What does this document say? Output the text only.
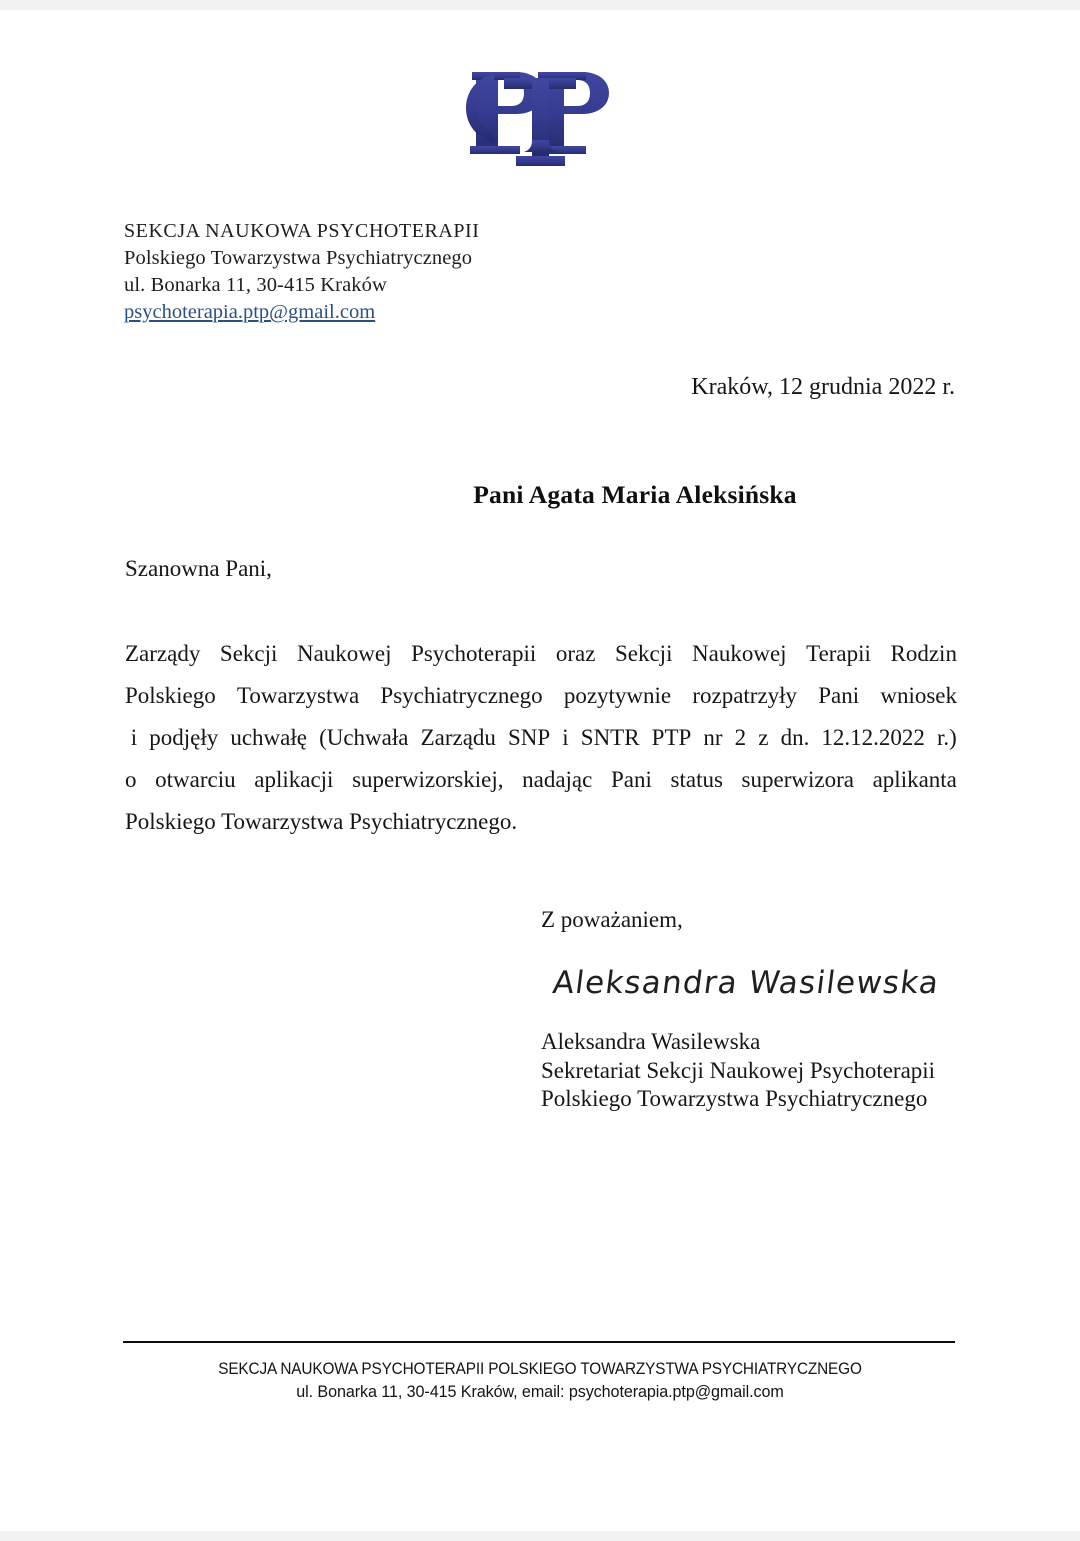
SEKCJA NAUKOWA PSYCHOTERAPII
Polskiego Towarzystwa Psychiatrycznego
ul. Bonarka 11, 30-415 Kraków
psychoterapia.ptp@gmail.com
Kraków, 12 grudnia 2022 r.
Pani Agata Maria Aleksińska
Szanowna Pani,
Zarządy Sekcji Naukowej Psychoterapii oraz Sekcji Naukowej Terapii Rodzin
Polskiego Towarzystwa Psychiatrycznego pozytywnie rozpatrzyły Pani wniosek
i podjęły uchwałę (Uchwała Zarządu SNP i SNTR PTP nr 2 z dn. 12.12.2022 r.)
o otwarciu aplikacji superwizorskiej, nadając Pani status superwizora aplikanta
Polskiego Towarzystwa Psychiatrycznego.
Z poważaniem,
Aleksandra Wasilewska
Aleksandra Wasilewska
Sekretariat Sekcji Naukowej Psychoterapii
Polskiego Towarzystwa Psychiatrycznego
SEKCJA NAUKOWA PSYCHOTERAPII POLSKIEGO TOWARZYSTWA PSYCHIATRYCZNEGO
ul. Bonarka 11, 30-415 Kraków, email: psychoterapia.ptp@gmail.com
